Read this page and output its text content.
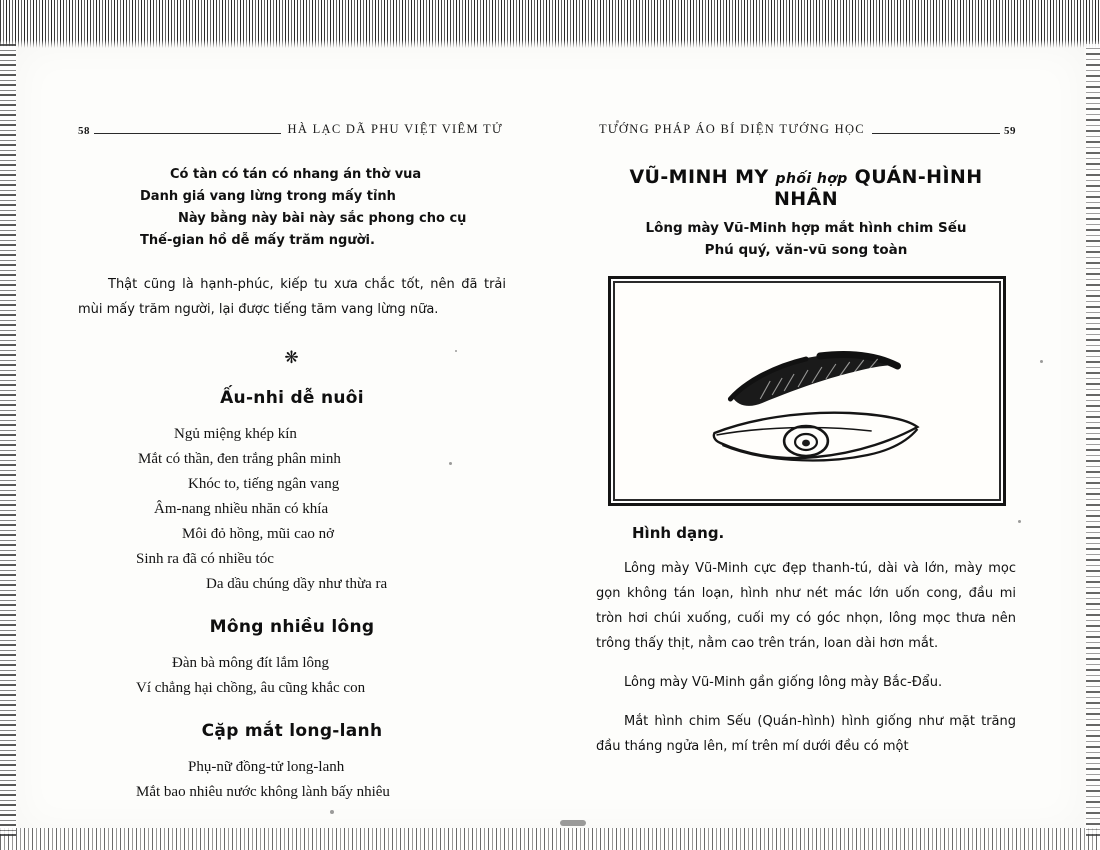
58	HÀ LẠC DÃ PHU VIỆT VIÊM TỬ
Có tàn có tán có nhang án thờ vua
Danh giá vang lừng trong mấy tỉnh
Này bằng này bài này sắc phong cho cụ
Thế-gian hồ dễ mấy trăm người.

Thật cũng là hạnh-phúc, kiếp tu xưa chắc tốt, nên đã trải mùi mấy trăm người, lại được tiếng tăm vang lừng nữa.

❋
Ấu-nhi dễ nuôi
Ngủ miệng khép kín
Mắt có thần, đen trắng phân minh
Khóc to, tiếng ngân vang
Âm-nang nhiều nhăn có khía
Môi đỏ hồng, mũi cao nở
Sinh ra đã có nhiều tóc
Da dầu chúng dầy như thừa ra
Mông nhiều lông
Đàn bà mông đít lắm lông
Ví chẳng hại chồng, âu cũng khắc con
Cặp mắt long-lanh
Phụ-nữ đồng-tử long-lanh
Mắt bao nhiêu nước không lành bấy nhiêu
TƯỚNG PHÁP ÁO BÍ DIỆN TƯỚNG HỌC	59
VŨ-MINH MY phối hợp QUÁN-HÌNH NHÂN
Lông mày Vũ-Minh hợp mắt hình chim Sếu
Phú quý, văn-vũ song toàn
Hình dạng.

Lông mày Vũ-Minh cực đẹp thanh-tú, dài và lớn, mày mọc gọn không tán loạn, hình như nét mác lớn uốn cong, đầu mi tròn hơi chúi xuống, cuối my có góc nhọn, lông mọc thưa nên trông thấy thịt, nằm cao trên trán, loan dài hơn mắt.

Lông mày Vũ-Minh gần giống lông mày Bắc-Đẩu.

Mắt hình chim Sếu (Quán-hình) hình giống như mặt trăng đầu tháng ngửa lên, mí trên mí dưới đều có một
